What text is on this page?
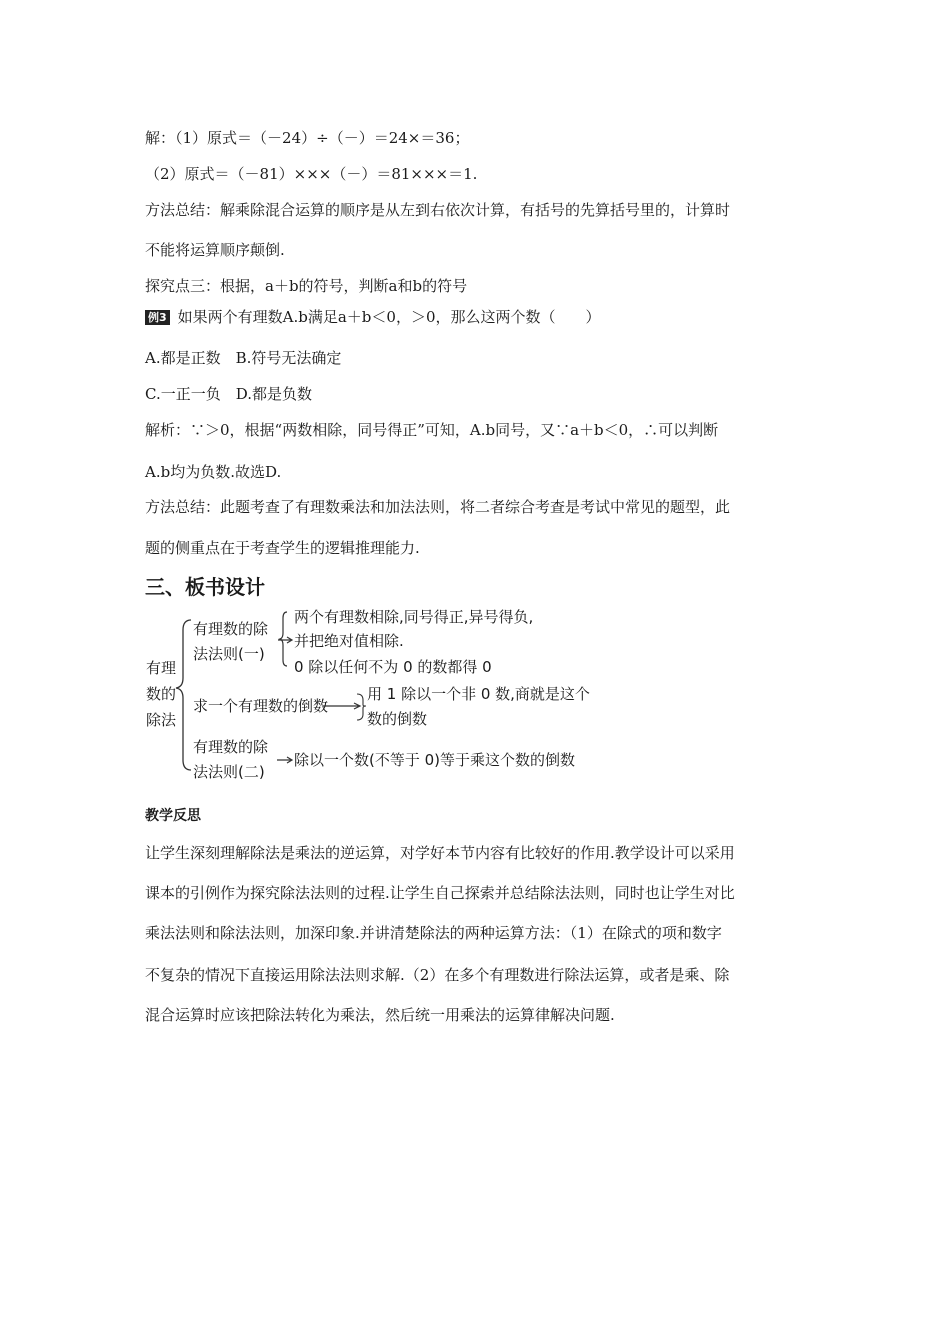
解：（1）原式＝（－24）÷（－）＝24×＝36；
（2）原式＝（－81）×××（－）＝81×××＝1.
方法总结：解乘除混合运算的顺序是从左到右依次计算，有括号的先算括号里的，计算时
不能将运算顺序颠倒.
探究点三：根据，a＋b的符号，判断a和b的符号
例3 如果两个有理数A.b满足a＋b＜0，＞0，那么这两个数（　　）
A.都是正数　B.符号无法确定
C.一正一负　D.都是负数
解析：∵＞0，根据“两数相除，同号得正”可知，A.b同号，又∵a＋b＜0，∴可以判断
A.b均为负数.故选D.
方法总结：此题考查了有理数乘法和加法法则，将二者综合考查是考试中常见的题型，此
题的侧重点在于考查学生的逻辑推理能力.
三、板书设计
有理
数的
除法
有理数的除
法法则(一)
两个有理数相除,同号得正,异号得负,
并把绝对值相除.
0 除以任何不为 0 的数都得 0
求一个有理数的倒数
用 1 除以一个非 0 数,商就是这个
数的倒数
有理数的除
法法则(二)
除以一个数(不等于 0)等于乘这个数的倒数
教学反思
让学生深刻理解除法是乘法的逆运算，对学好本节内容有比较好的作用.教学设计可以采用
课本的引例作为探究除法法则的过程.让学生自己探索并总结除法法则，同时也让学生对比
乘法法则和除法法则，加深印象.并讲清楚除法的两种运算方法：（1）在除式的项和数字
不复杂的情况下直接运用除法法则求解.（2）在多个有理数进行除法运算，或者是乘、除
混合运算时应该把除法转化为乘法，然后统一用乘法的运算律解决问题.
